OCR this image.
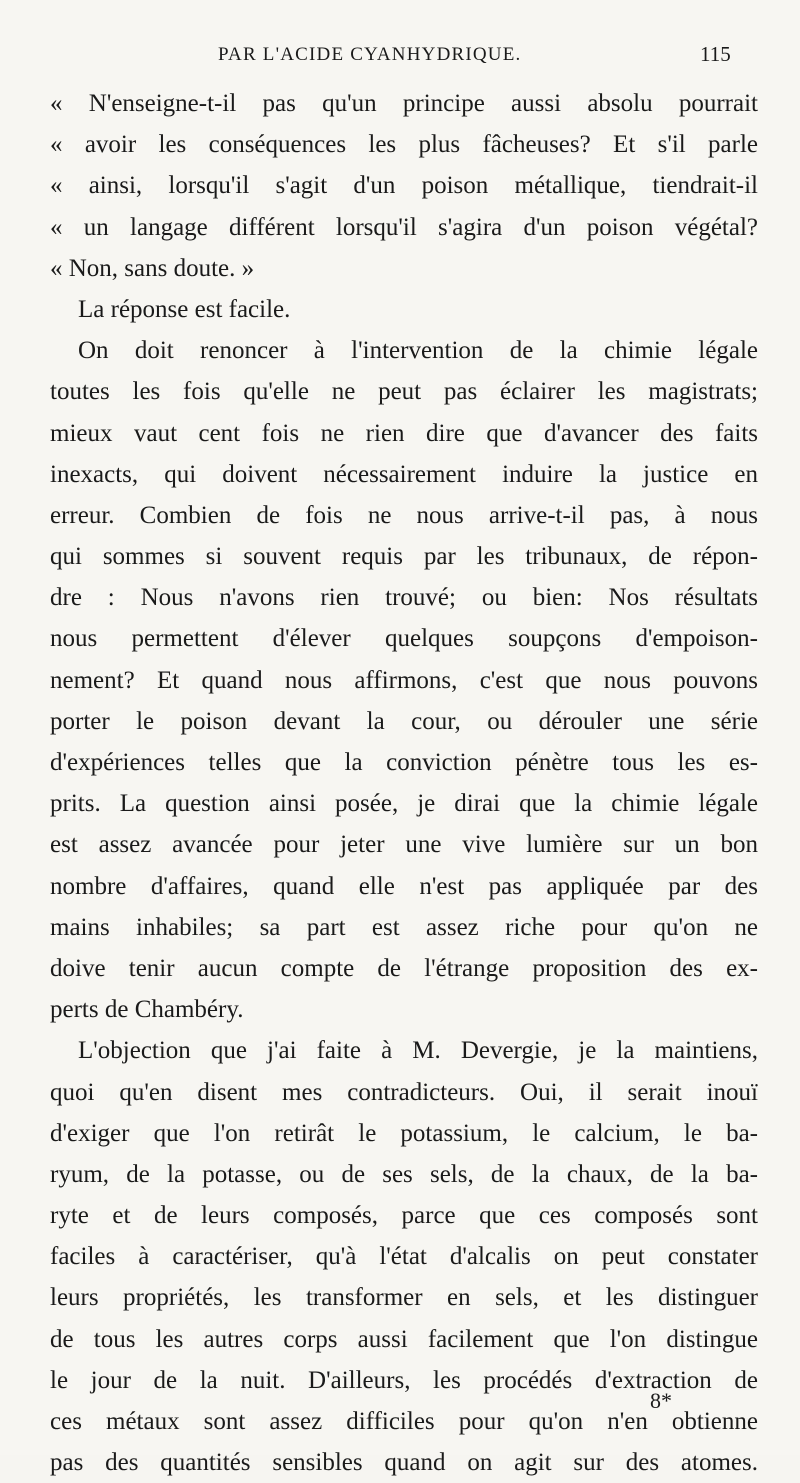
PAR L'ACIDE CYANHYDRIQUE.	115
« N'enseigne-t-il pas qu'un principe aussi absolu pourrait
« avoir les conséquences les plus fâcheuses? Et s'il parle
« ainsi, lorsqu'il s'agit d'un poison métallique, tiendrait-il
« un langage différent lorsqu'il s'agira d'un poison végétal?
« Non, sans doute. »
La réponse est facile.
On doit renoncer à l'intervention de la chimie légale
toutes les fois qu'elle ne peut pas éclairer les magistrats;
mieux vaut cent fois ne rien dire que d'avancer des faits
inexacts, qui doivent nécessairement induire la justice en
erreur. Combien de fois ne nous arrive-t-il pas, à nous
qui sommes si souvent requis par les tribunaux, de répon-
dre : Nous n'avons rien trouvé; ou bien: Nos résultats
nous permettent d'élever quelques soupçons d'empoison-
nement? Et quand nous affirmons, c'est que nous pouvons
porter le poison devant la cour, ou dérouler une série
d'expériences telles que la conviction pénètre tous les es-
prits. La question ainsi posée, je dirai que la chimie légale
est assez avancée pour jeter une vive lumière sur un bon
nombre d'affaires, quand elle n'est pas appliquée par des
mains inhabiles; sa part est assez riche pour qu'on ne
doive tenir aucun compte de l'étrange proposition des ex-
perts de Chambéry.
L'objection que j'ai faite à M. Devergie, je la maintiens,
quoi qu'en disent mes contradicteurs. Oui, il serait inouï
d'exiger que l'on retirât le potassium, le calcium, le ba-
ryum, de la potasse, ou de ses sels, de la chaux, de la ba-
ryte et de leurs composés, parce que ces composés sont
faciles à caractériser, qu'à l'état d'alcalis on peut constater
leurs propriétés, les transformer en sels, et les distinguer
de tous les autres corps aussi facilement que l'on distingue
le jour de la nuit. D'ailleurs, les procédés d'extraction de
ces métaux sont assez difficiles pour qu'on n'en obtienne
pas des quantités sensibles quand on agit sur des atomes.
8*
